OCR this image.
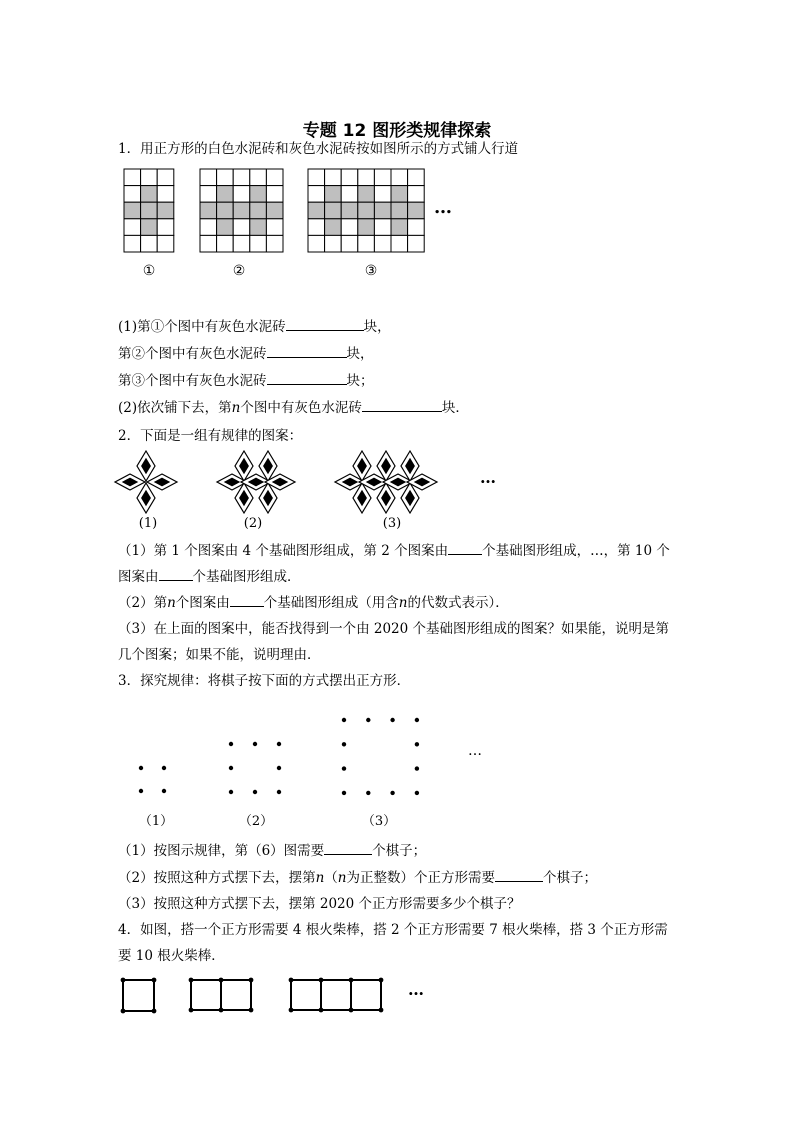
专题 12 图形类规律探索
1．用正方形的白色水泥砖和灰色水泥砖按如图所示的方式铺人行道
①	②	③
…
(1)第①个图中有灰色水泥砖	块，
第②个图中有灰色水泥砖	块，
第③个图中有灰色水泥砖	块；
(2)依次铺下去，第n个图中有灰色水泥砖	块．
2．下面是一组有规律的图案：
(1)	(2)	(3)
…
（1）第 1 个图案由 4 个基础图形组成，第 2 个图案由	个基础图形组成，…，第 10 个
图案由	个基础图形组成．
（2）第n个图案由	个基础图形组成（用含n的代数式表示）．
（3）在上面的图案中，能否找得到一个由 2020 个基础图形组成的图案？如果能，说明是第
几个图案；如果不能，说明理由．
3．探究规律：将棋子按下面的方式摆出正方形．
（1）	（2）	（3）
…
（1）按图示规律，第（6）图需要	个棋子；
（2）按照这种方式摆下去，摆第n（n为正整数）个正方形需要	个棋子；
（3）按照这种方式摆下去，摆第 2020 个正方形需要多少个棋子？
4．如图，搭一个正方形需要 4 根火柴棒，搭 2 个正方形需要 7 根火柴棒，搭 3 个正方形需
要 10 根火柴棒．
…
